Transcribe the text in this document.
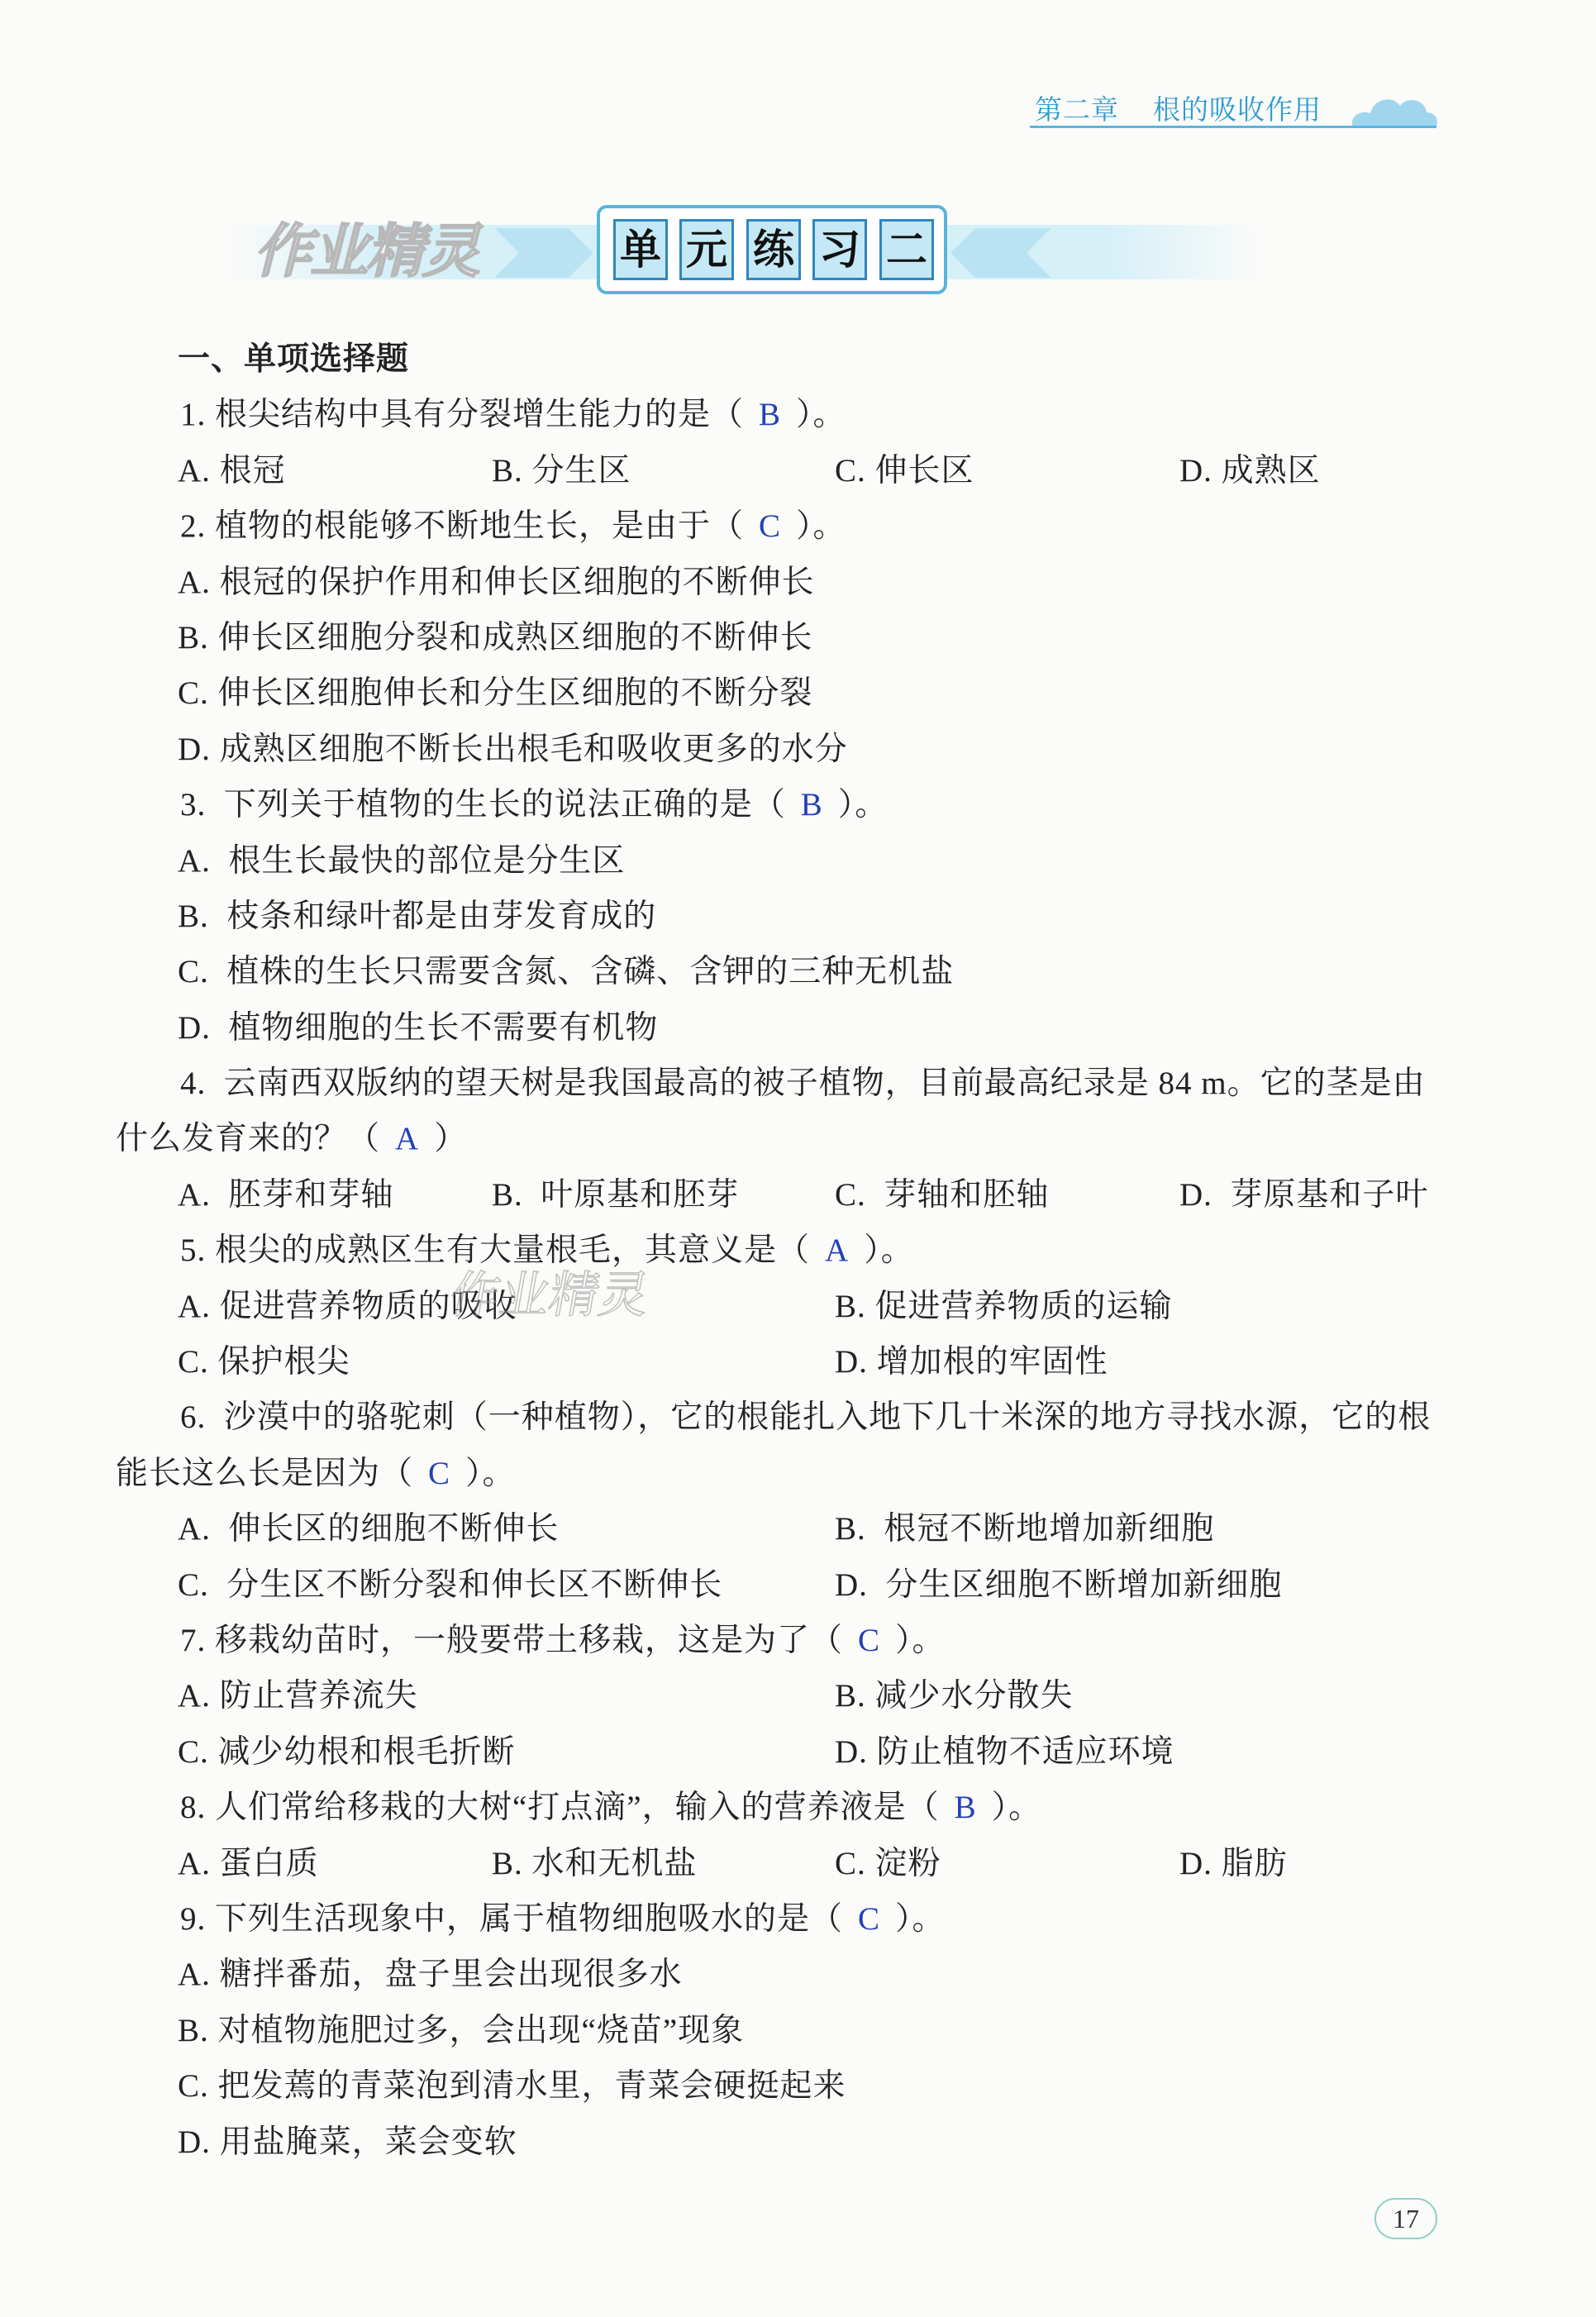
第二章 根的吸收作用
作业精灵	单 元 练 习 二
一、单项选择题
1. 根尖结构中具有分裂增生能力的是（ B ）。
A. 根冠	B. 分生区	C. 伸长区	D. 成熟区
2. 植物的根能够不断地生长，是由于（ C ）。
A. 根冠的保护作用和伸长区细胞的不断伸长
B. 伸长区细胞分裂和成熟区细胞的不断伸长
C. 伸长区细胞伸长和分生区细胞的不断分裂
D. 成熟区细胞不断长出根毛和吸收更多的水分
3.  下列关于植物的生长的说法正确的是（ B ）。
A.  根生长最快的部位是分生区
B.  枝条和绿叶都是由芽发育成的
C.  植株的生长只需要含氮、含磷、含钾的三种无机盐
D.  植物细胞的生长不需要有机物
4.  云南西双版纳的望天树是我国最高的被子植物，目前最高纪录是 84 m。它的茎是由
什么发育来的？（ A ）
A.  胚芽和芽轴	B.  叶原基和胚芽	C.  芽轴和胚轴	D.  芽原基和子叶
5. 根尖的成熟区生有大量根毛，其意义是（ A ）。
A. 促进营养物质的吸收	B. 促进营养物质的运输
C. 保护根尖	D. 增加根的牢固性
6.  沙漠中的骆驼刺（一种植物），它的根能扎入地下几十米深的地方寻找水源，它的根
能长这么长是因为（ C ）。
A.  伸长区的细胞不断伸长	B.  根冠不断地增加新细胞
C.  分生区不断分裂和伸长区不断伸长	D.  分生区细胞不断增加新细胞
7. 移栽幼苗时，一般要带土移栽，这是为了（ C ）。
A. 防止营养流失	B. 减少水分散失
C. 减少幼根和根毛折断	D. 防止植物不适应环境
8. 人们常给移栽的大树“打点滴”，输入的营养液是（ B ）。
A. 蛋白质	B. 水和无机盐	C. 淀粉	D. 脂肪
9. 下列生活现象中，属于植物细胞吸水的是（ C ）。
A. 糖拌番茄，盘子里会出现很多水
B. 对植物施肥过多，会出现“烧苗”现象
C. 把发蔫的青菜泡到清水里，青菜会硬挺起来
D. 用盐腌菜，菜会变软
作业精灵
17
